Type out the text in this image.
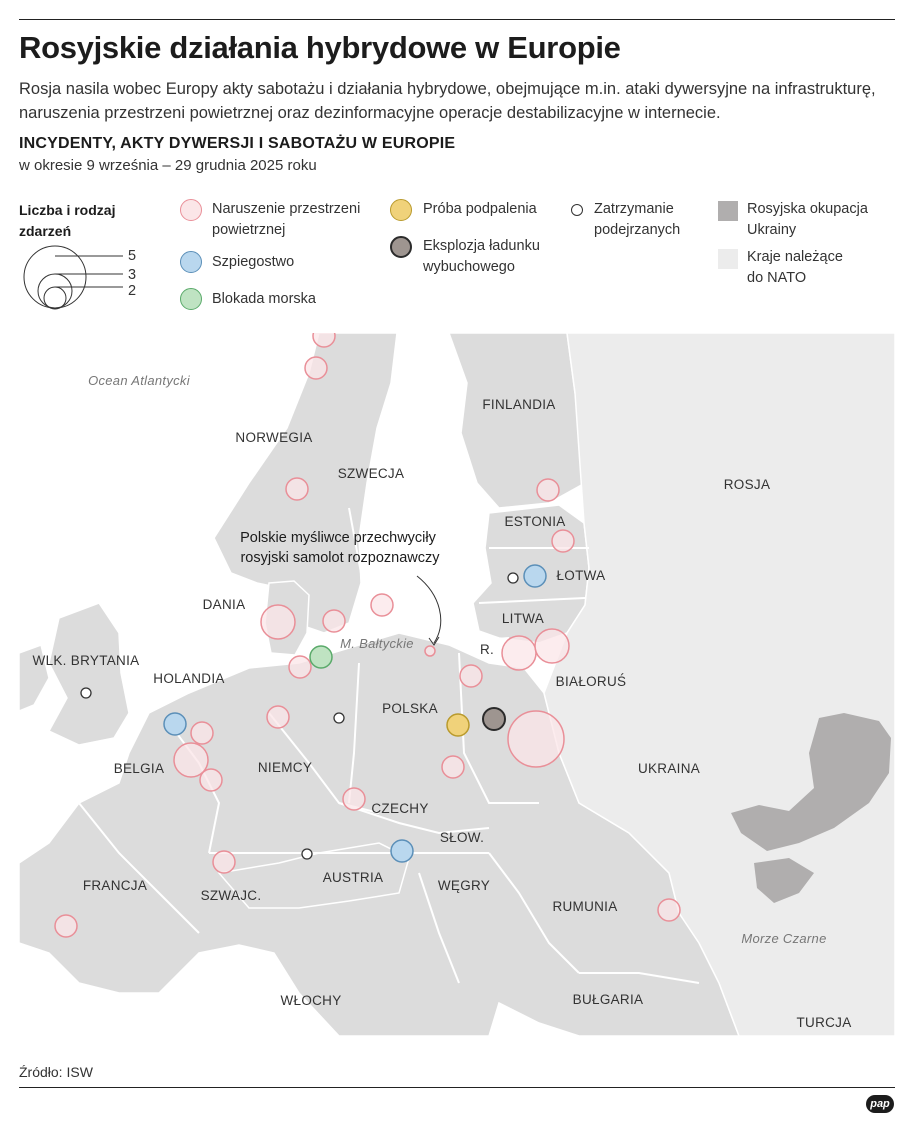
Rosyjskie działania hybrydowe w Europie
Rosja nasila wobec Europy akty sabotażu i działania hybrydowe, obejmujące m.in. ataki dywersyjne na infrastrukturę, naruszenia przestrzeni powietrznej oraz dezinformacyjne operacje destabilizacyjne w internecie.
INCYDENTY, AKTY DYWERSJI I SABOTAŻU W EUROPIE
w okresie 9 września – 29 grudnia 2025 roku
Liczba i rodzaj zdarzeń
5
3
2
Naruszenie przestrzeni powietrznej
Szpiegostwo
Blokada morska
Próba podpalenia
Eksplozja ładunku wybuchowego
Zatrzymanie podejrzanych
Rosyjska okupacja Ukrainy
Kraje należące do NATO
Ocean Atlantycki
FINLANDIA
NORWEGIA
SZWECJA
ROSJA
ESTONIA
ŁOTWA
LITWA
DANIA
M. Bałtyckie	R.
WLK. BRYTANIA
HOLANDIA	BIAŁORUŚ
POLSKA
BELGIA	NIEMCY	UKRAINA
CZECHY
SŁOW.
AUSTRIA
FRANCJA	WĘGRY
SZWAJC.
RUMUNIA
Morze Czarne
BUŁGARIA
WŁOCHY
TURCJA
Polskie myśliwce przechwyciły rosyjski samolot rozpoznawczy
Źródło: ISW
pap
